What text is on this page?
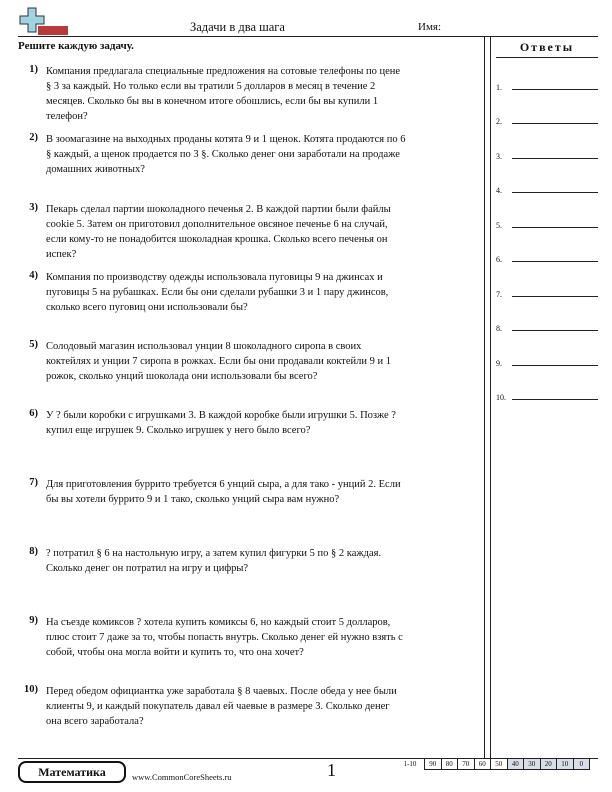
Задачи в два шага	Имя:
Решите каждую задачу.
1) Компания предлагала специальные предложения на сотовые телефоны по цене § 3 за каждый. Но только если вы тратили 5 долларов в месяц в течение 2 месяцев. Сколько бы вы в конечном итоге обошлись, если бы вы купили 1 телефон?
2) В зоомагазине на выходных проданы котята 9 и 1 щенок. Котята продаются по 6 § каждый, а щенок продается по 3 §. Сколько денег они заработали на продаже домашних животных?
3) Пекарь сделал партии шоколадного печенья 2. В каждой партии были файлы cookie 5. Затем он приготовил дополнительное овсяное печенье 6 на случай, если кому-то не понадобится шоколадная крошка. Сколько всего печенья он испек?
4) Компания по производству одежды использовала пуговицы 9 на джинсах и пуговицы 5 на рубашках. Если бы они сделали рубашки 3 и 1 пару джинсов, сколько всего пуговиц они использовали бы?
5) Солодовый магазин использовал унции 8 шоколадного сиропа в своих коктейлях и унции 7 сиропа в рожках. Если бы они продавали коктейли 9 и 1 рожок, сколько унций шоколада они использовали бы всего?
6) У ? были коробки с игрушками 3. В каждой коробке были игрушки 5. Позже ? купил еще игрушек 9. Сколько игрушек у него было всего?
7) Для приготовления буррито требуется 6 унций сыра, а для тако - унций 2. Если бы вы хотели буррито 9 и 1 тако, сколько унций сыра вам нужно?
8) ? потратил § 6 на настольную игру, а затем купил фигурки 5 по § 2 каждая. Сколько денег он потратил на игру и цифры?
9) На съезде комиксов ? хотела купить комиксы 6, но каждый стоит 5 долларов, плюс стоит 7 даже за то, чтобы попасть внутрь. Сколько денег ей нужно взять с собой, чтобы она могла войти и купить то, что она хочет?
10) Перед обедом официантка уже заработала § 8 чаевых. После обеда у нее были клиенты 9, и каждый покупатель давал ей чаевые в размере 3. Сколько денег она всего заработала?
Ответы
1.
2.
3.
4.
5.
6.
7.
8.
9.
10.
Математика	www.CommonCoreSheets.ru	1	1-10	90	80	70	60	50	40	30	20	10	0
